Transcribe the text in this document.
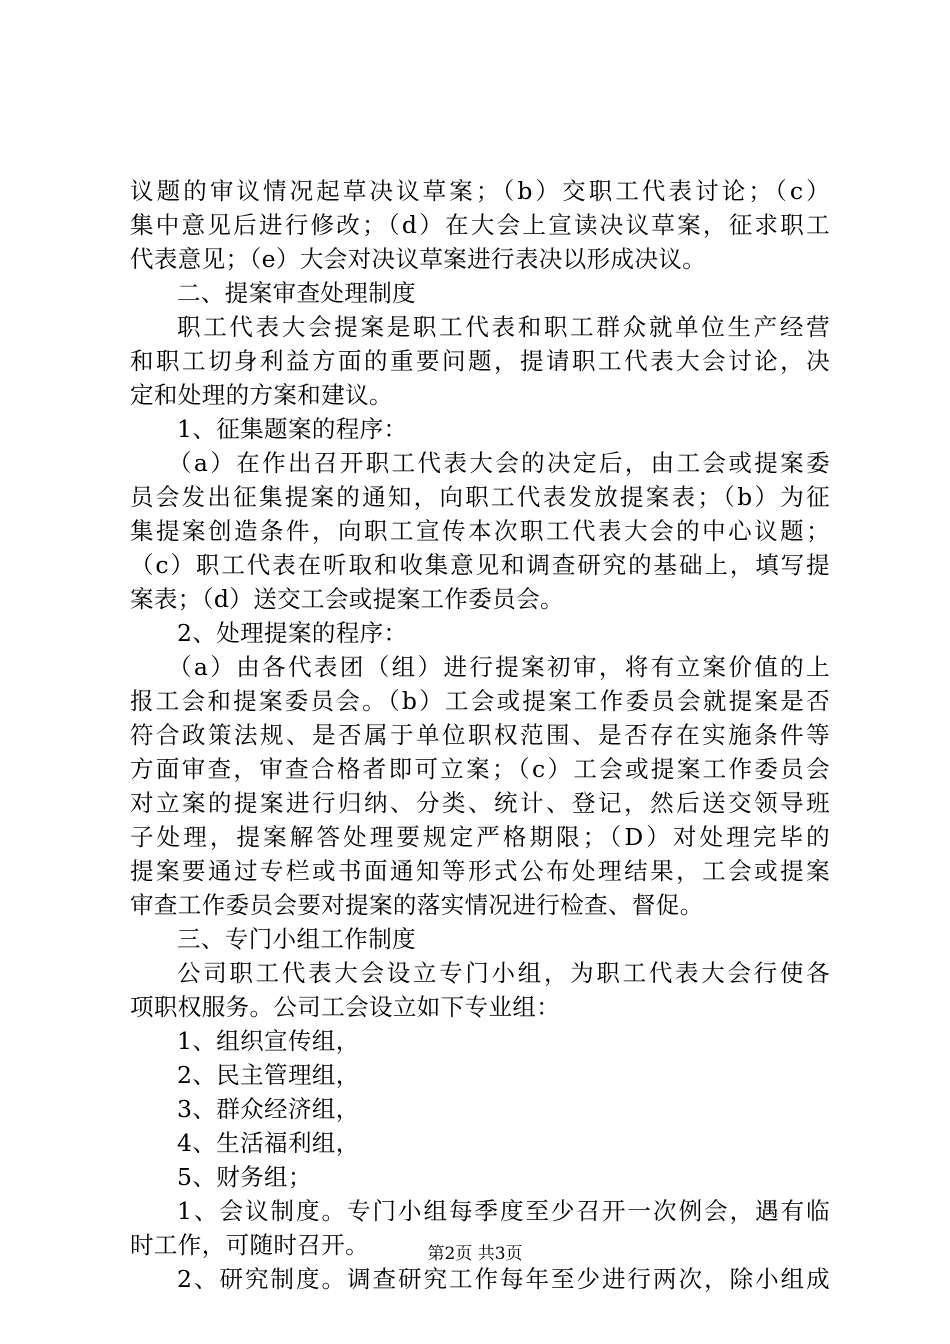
议题的审议情况起草决议草案；（b）交职工代表讨论；（c）
集中意见后进行修改；（d）在大会上宣读决议草案，征求职工
代表意见；（e）大会对决议草案进行表决以形成决议。
二、提案审查处理制度
职工代表大会提案是职工代表和职工群众就单位生产经营
和职工切身利益方面的重要问题，提请职工代表大会讨论，决
定和处理的方案和建议。
1、征集题案的程序：
（a）在作出召开职工代表大会的决定后，由工会或提案委
员会发出征集提案的通知，向职工代表发放提案表；（b）为征
集提案创造条件，向职工宣传本次职工代表大会的中心议题；
（c）职工代表在听取和收集意见和调查研究的基础上，填写提
案表；（d）送交工会或提案工作委员会。
2、处理提案的程序：
（a）由各代表团（组）进行提案初审，将有立案价值的上
报工会和提案委员会。（b）工会或提案工作委员会就提案是否
符合政策法规、是否属于单位职权范围、是否存在实施条件等
方面审查，审查合格者即可立案；（c）工会或提案工作委员会
对立案的提案进行归纳、分类、统计、登记，然后送交领导班
子处理，提案解答处理要规定严格期限；（D）对处理完毕的
提案要通过专栏或书面通知等形式公布处理结果，工会或提案
审查工作委员会要对提案的落实情况进行检查、督促。
三、专门小组工作制度
公司职工代表大会设立专门小组，为职工代表大会行使各
项职权服务。公司工会设立如下专业组：
1、组织宣传组，
2、民主管理组，
3、群众经济组，
4、生活福利组，
5、财务组；
1、会议制度。专门小组每季度至少召开一次例会，遇有临
时工作，可随时召开。
2、研究制度。调查研究工作每年至少进行两次，除小组成
第2页 共3页
